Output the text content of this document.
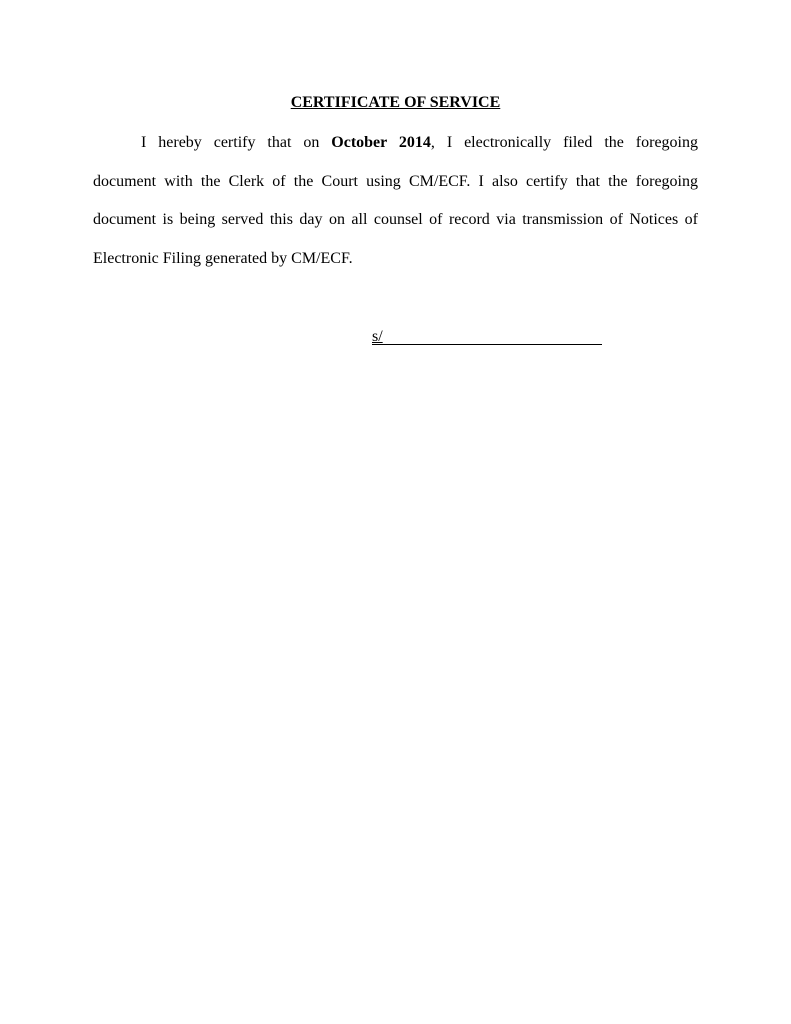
CERTIFICATE OF SERVICE
I hereby certify that on October 2014, I electronically filed the foregoing
document with the Clerk of the Court using CM/ECF. I also certify that the foregoing
document is being served this day on all counsel of record via transmission of Notices of
Electronic Filing generated by CM/ECF.
s/
